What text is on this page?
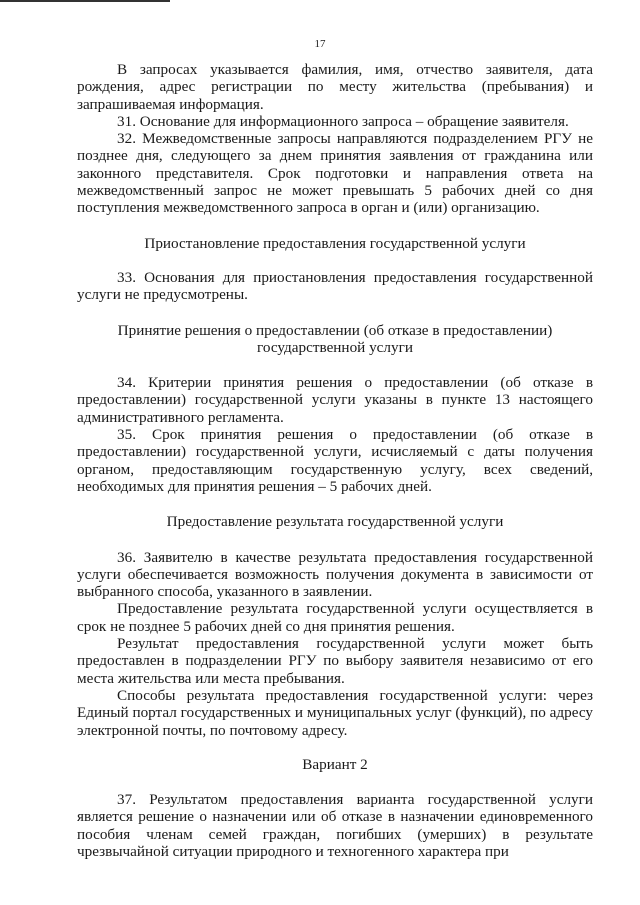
17

В запросах указывается фамилия, имя, отчество заявителя, дата рождения, адрес регистрации по месту жительства (пребывания) и запрашиваемая информация.

31. Основание для информационного запроса – обращение заявителя.

32. Межведомственные запросы направляются подразделением РГУ не позднее дня, следующего за днем принятия заявления от гражданина или законного представителя. Срок подготовки и направления ответа на межведомственный запрос не может превышать 5 рабочих дней со дня поступления межведомственного запроса в орган и (или) организацию.

Приостановление предоставления государственной услуги

33. Основания для приостановления предоставления государственной услуги не предусмотрены.

Принятие решения о предоставлении (об отказе в предоставлении)
государственной услуги

34. Критерии принятия решения о предоставлении (об отказе в предоставлении) государственной услуги указаны в пункте 13 настоящего административного регламента.

35. Срок принятия решения о предоставлении (об отказе в предоставлении) государственной услуги, исчисляемый с даты получения органом, предоставляющим государственную услугу, всех сведений, необходимых для принятия решения – 5 рабочих дней.

Предоставление результата государственной услуги

36. Заявителю в качестве результата предоставления государственной услуги обеспечивается возможность получения документа в зависимости от выбранного способа, указанного в заявлении.

Предоставление результата государственной услуги осуществляется в срок не позднее 5 рабочих дней со дня принятия решения.

Результат предоставления государственной услуги может быть предоставлен в подразделении РГУ по выбору заявителя независимо от его места жительства или места пребывания.

Способы результата предоставления государственной услуги: через Единый портал государственных и муниципальных услуг (функций), по адресу электронной почты, по почтовому адресу.

Вариант 2

37. Результатом предоставления варианта государственной услуги является решение о назначении или об отказе в назначении единовременного пособия членам семей граждан, погибших (умерших) в результате чрезвычайной ситуации природного и техногенного характера при
